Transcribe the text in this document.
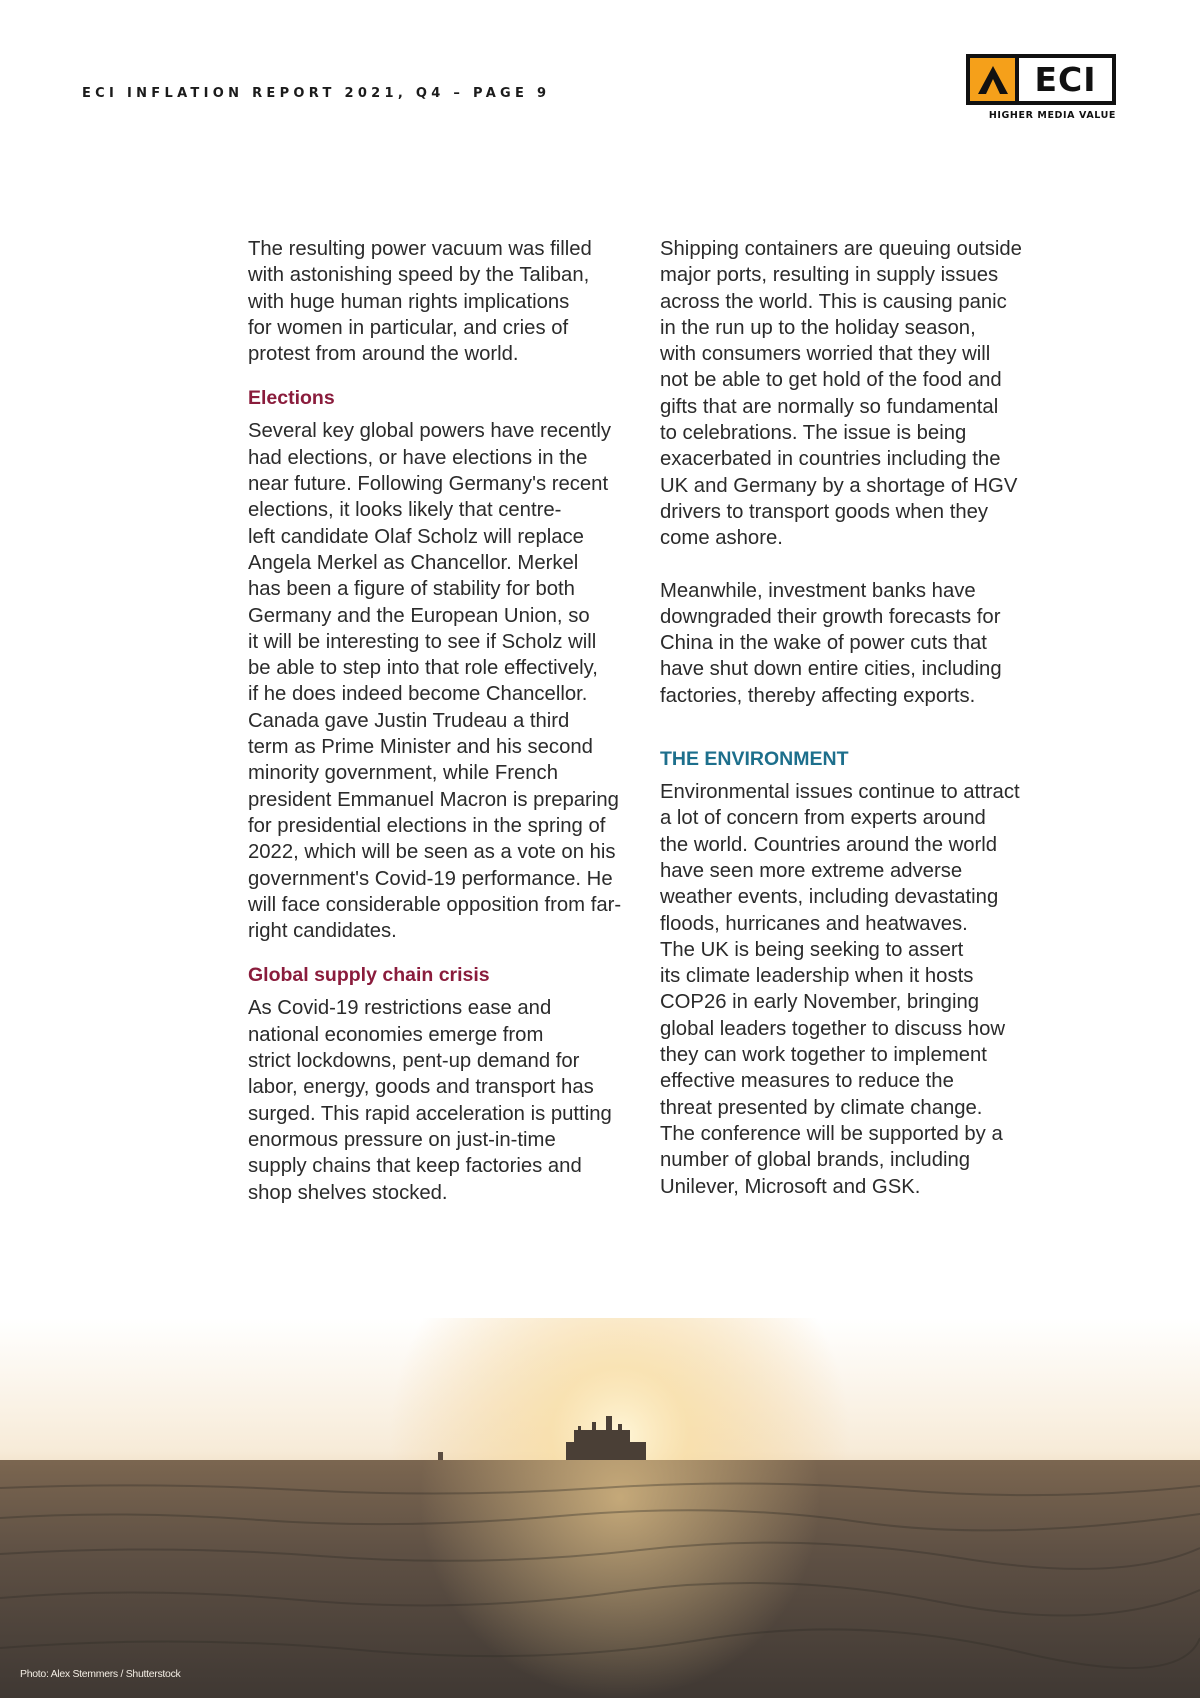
ECI INFLATION REPORT 2021, Q4 – PAGE 9	ECI
HIGHER MEDIA VALUE

The resulting power vacuum was filled
with astonishing speed by the Taliban,
with huge human rights implications
for women in particular, and cries of
protest from around the world.

Elections

Several key global powers have recently
had elections, or have elections in the
near future. Following Germany's recent
elections, it looks likely that centre-
left candidate Olaf Scholz will replace
Angela Merkel as Chancellor. Merkel
has been a figure of stability for both
Germany and the European Union, so
it will be interesting to see if Scholz will
be able to step into that role effectively,
if he does indeed become Chancellor.
Canada gave Justin Trudeau a third
term as Prime Minister and his second
minority government, while French
president Emmanuel Macron is preparing
for presidential elections in the spring of
2022, which will be seen as a vote on his
government's Covid-19 performance. He
will face considerable opposition from far-
right candidates.

Global supply chain crisis

As Covid-19 restrictions ease and
national economies emerge from
strict lockdowns, pent-up demand for
labor, energy, goods and transport has
surged. This rapid acceleration is putting
enormous pressure on just-in-time
supply chains that keep factories and
shop shelves stocked.

Shipping containers are queuing outside
major ports, resulting in supply issues
across the world. This is causing panic
in the run up to the holiday season,
with consumers worried that they will
not be able to get hold of the food and
gifts that are normally so fundamental
to celebrations. The issue is being
exacerbated in countries including the
UK and Germany by a shortage of HGV
drivers to transport goods when they
come ashore.

Meanwhile, investment banks have
downgraded their growth forecasts for
China in the wake of power cuts that
have shut down entire cities, including
factories, thereby affecting exports.

THE ENVIRONMENT

Environmental issues continue to attract
a lot of concern from experts around
the world. Countries around the world
have seen more extreme adverse
weather events, including devastating
floods, hurricanes and heatwaves.
The UK is being seeking to assert
its climate leadership when it hosts
COP26 in early November, bringing
global leaders together to discuss how
they can work together to implement
effective measures to reduce the
threat presented by climate change.
The conference will be supported by a
number of global brands, including
Unilever, Microsoft and GSK.

Photo: Alex Stemmers / Shutterstock
